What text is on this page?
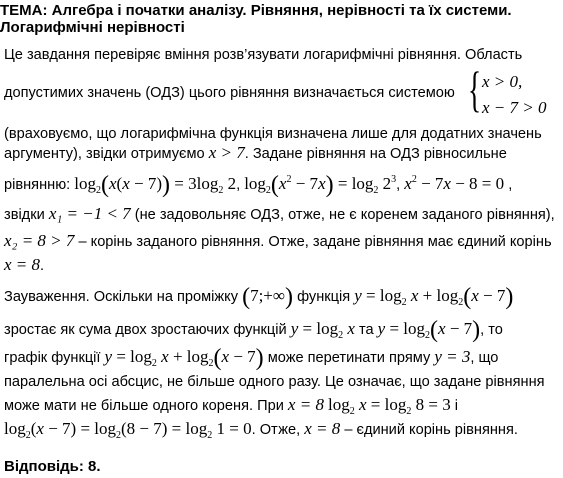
ТЕМА: Алгебра і початки аналізу. Рівняння, нерівності та їх системи. Логарифмічні нерівності
Це завдання перевіряє вміння розв’язувати логарифмічні рівняння. Область
допустимих значень (ОДЗ) цього рівняння визначається системою { x > 0,
x − 7 > 0
(враховуємо, що логарифмічна функція визначена лише для додатних значень
аргументу), звідки отримуємо x > 7. Задане рівняння на ОДЗ рівносильне
рівнянню: $\log_2(x(x - 7)) = 3\log_2$ 2, $\log_2(x^2 - 7x) = \log_2 2^3$, $x^2 - 7x - 8 = 0$ ,
звідки x₁ = −1 < 7 (не задовольняє ОДЗ, отже, не є коренем заданого рівняння),
x₂ = 8 > 7 – корінь заданого рівняння. Отже, задане рівняння має єдиний корінь
x = 8.
Зауваження. Оскільки на проміжку (7;+∞) функція $y = \log_2 x + \log_2(x - 7)$
зростає як сума двох зростаючих функцій $y = \log_2 x$ та $y = \log_2(x - 7)$, то
графік функції $y = \log_2 x + \log_2(x - 7)$ може перетинати пряму y = 3, що
паралельна осі абсцис, не більше одного разу. Це означає, що задане рівняння
може мати не більше одного кореня. При x = 8 $\log_2 x = \log_2 8 = 3$ і
$\log_2(x - 7) = \log_2(8 - 7) = \log_2 1 = 0$. Отже, x = 8 – єдиний корінь рівняння.
Відповідь: 8.
